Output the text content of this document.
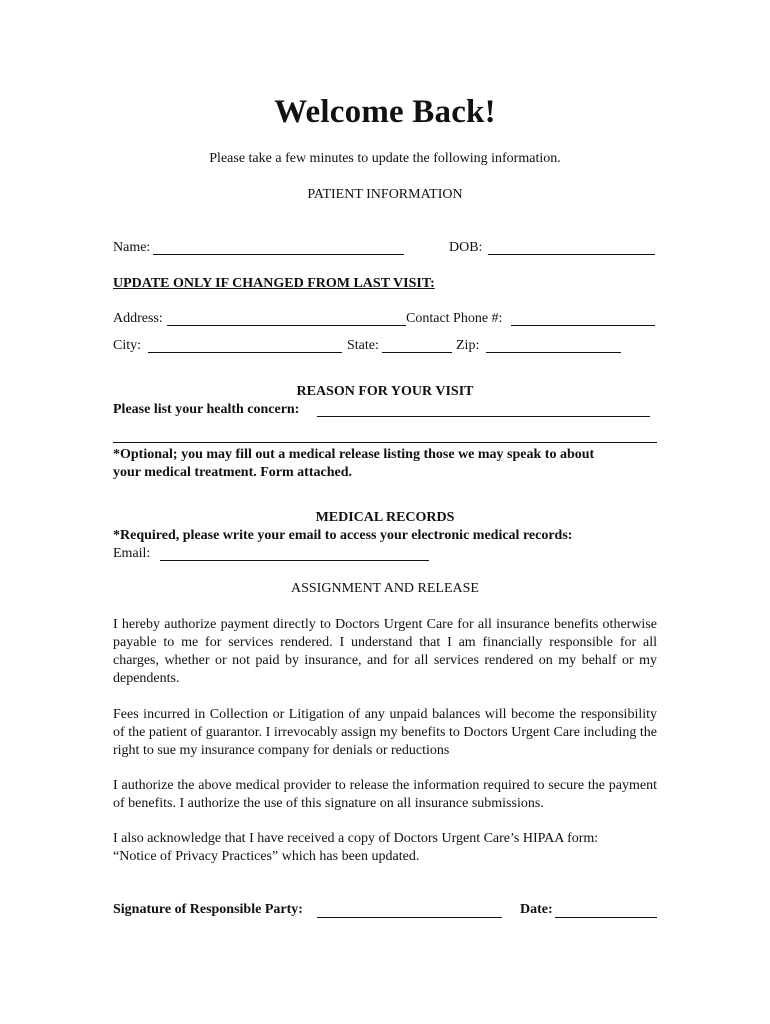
Welcome Back!
Please take a few minutes to update the following information.
PATIENT INFORMATION
Name:	DOB:
UPDATE ONLY IF CHANGED FROM LAST VISIT:
Address:	Contact Phone #:
City:	State:	Zip:
REASON FOR YOUR VISIT
Please list your health concern:
*Optional; you may fill out a medical release listing those we may speak to about
your medical treatment. Form attached.
MEDICAL RECORDS
*Required, please write your email to access your electronic medical records:
Email:
ASSIGNMENT AND RELEASE
I hereby authorize payment directly to Doctors Urgent Care for all insurance benefits otherwise payable to me for services rendered. I understand that I am financially responsible for all charges, whether or not paid by insurance, and for all services rendered on my behalf or my dependents.
Fees incurred in Collection or Litigation of any unpaid balances will become the responsibility of the patient of guarantor. I irrevocably assign my benefits to Doctors Urgent Care including the right to sue my insurance company for denials or reductions
I authorize the above medical provider to release the information required to secure the payment of benefits. I authorize the use of this signature on all insurance submissions.
I also acknowledge that I have received a copy of Doctors Urgent Care’s HIPAA form:
“Notice of Privacy Practices” which has been updated.
Signature of Responsible Party:	Date:
